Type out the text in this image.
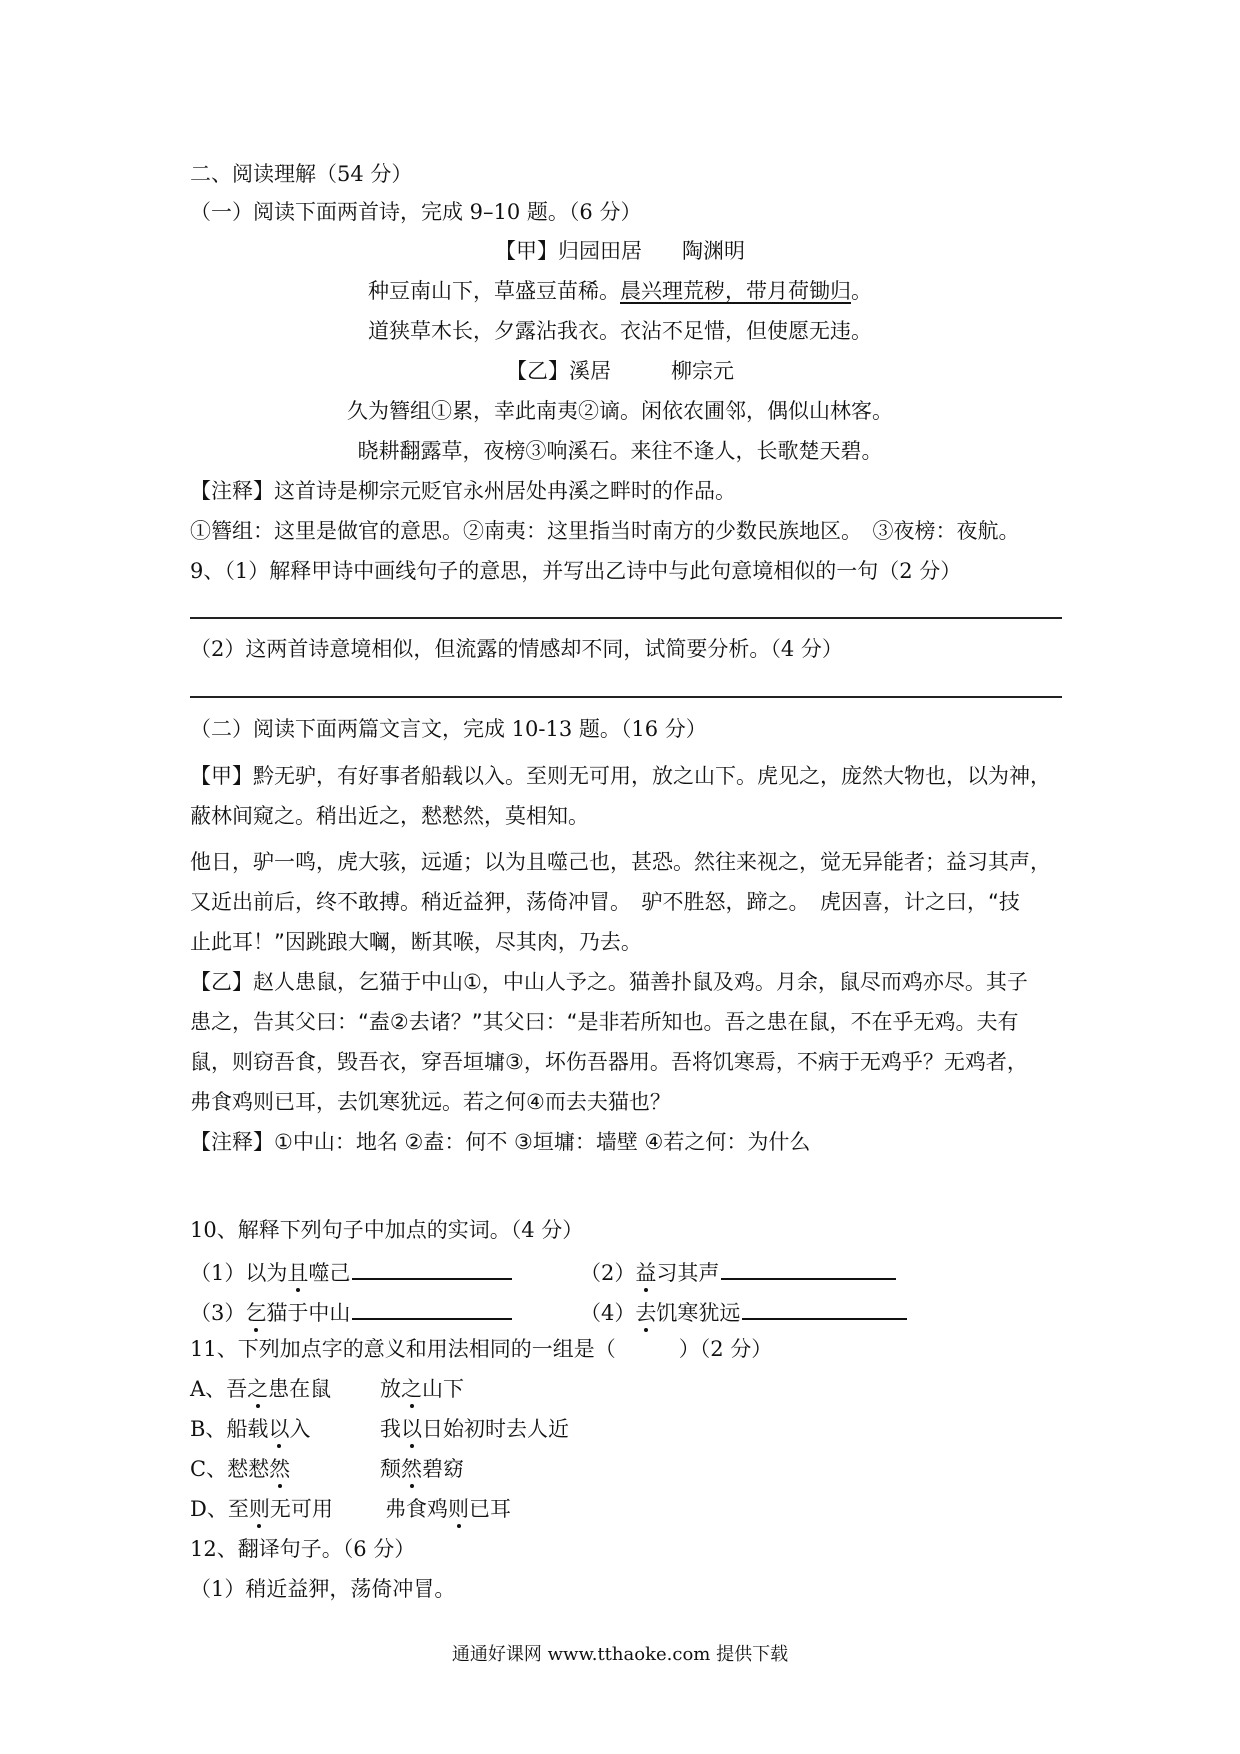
二、阅读理解（54 分）
（一）阅读下面两首诗，完成 9–10 题。（6 分）
【甲】归园田居 陶渊明
种豆南山下，草盛豆苗稀。晨兴理荒秽，带月荷锄归。
道狭草木长，夕露沾我衣。衣沾不足惜，但使愿无违。
【乙】溪居	柳宗元
久为簪组①累，幸此南夷②谪。闲依农圃邻，偶似山林客。
晓耕翻露草，夜榜③响溪石。来往不逢人，长歌楚天碧。
【注释】这首诗是柳宗元贬官永州居处冉溪之畔时的作品。
①簪组：这里是做官的意思。②南夷：这里指当时南方的少数民族地区。　③夜榜：夜航。
9、（1）解释甲诗中画线句子的意思，并写出乙诗中与此句意境相似的一句（2 分）
（2）这两首诗意境相似，但流露的情感却不同，试简要分析。（4 分）
（二）阅读下面两篇文言文，完成 10-13 题。（16 分）
【甲】黔无驴，有好事者船载以入。至则无可用，放之山下。虎见之，庞然大物也，以为神，
蔽林间窥之。稍出近之，慭慭然，莫相知。
他日，驴一鸣，虎大骇，远遁；以为且噬己也，甚恐。然往来视之，觉无异能者；益习其声，
又近出前后，终不敢搏。稍近益狎，荡倚冲冒。　驴不胜怒，蹄之。　虎因喜，计之曰，“技
止此耳！”因跳踉大㘎，断其喉，尽其肉，乃去。
【乙】赵人患鼠，乞猫于中山①，中山人予之。猫善扑鼠及鸡。月余，鼠尽而鸡亦尽。其子
患之，告其父曰：“盍②去诸？”其父曰：“是非若所知也。吾之患在鼠，不在乎无鸡。夫有
鼠，则窃吾食，毁吾衣，穿吾垣墉③，坏伤吾器用。吾将饥寒焉，不病于无鸡乎？无鸡者，
弗食鸡则已耳，去饥寒犹远。若之何④而去夫猫也？
【注释】①中山：地名 ②盍：何不 ③垣墉：墙壁 ④若之何：为什么
10、解释下列句子中加点的实词。（4 分）
（1）以为且噬己	（2）益习其声
（3）乞猫于中山	（4）去饥寒犹远
11、下列加点字的意义和用法相同的一组是（　　　）（2 分）
A、吾之患在鼠 放之山下
B、船载以入	我以日始初时去人近
C、慭慭然	颓然碧窈
D、至则无可用 弗食鸡则已耳
12、翻译句子。（6 分）
（1）稍近益狎，荡倚冲冒。
通通好课网 www.tthaoke.com 提供下载
